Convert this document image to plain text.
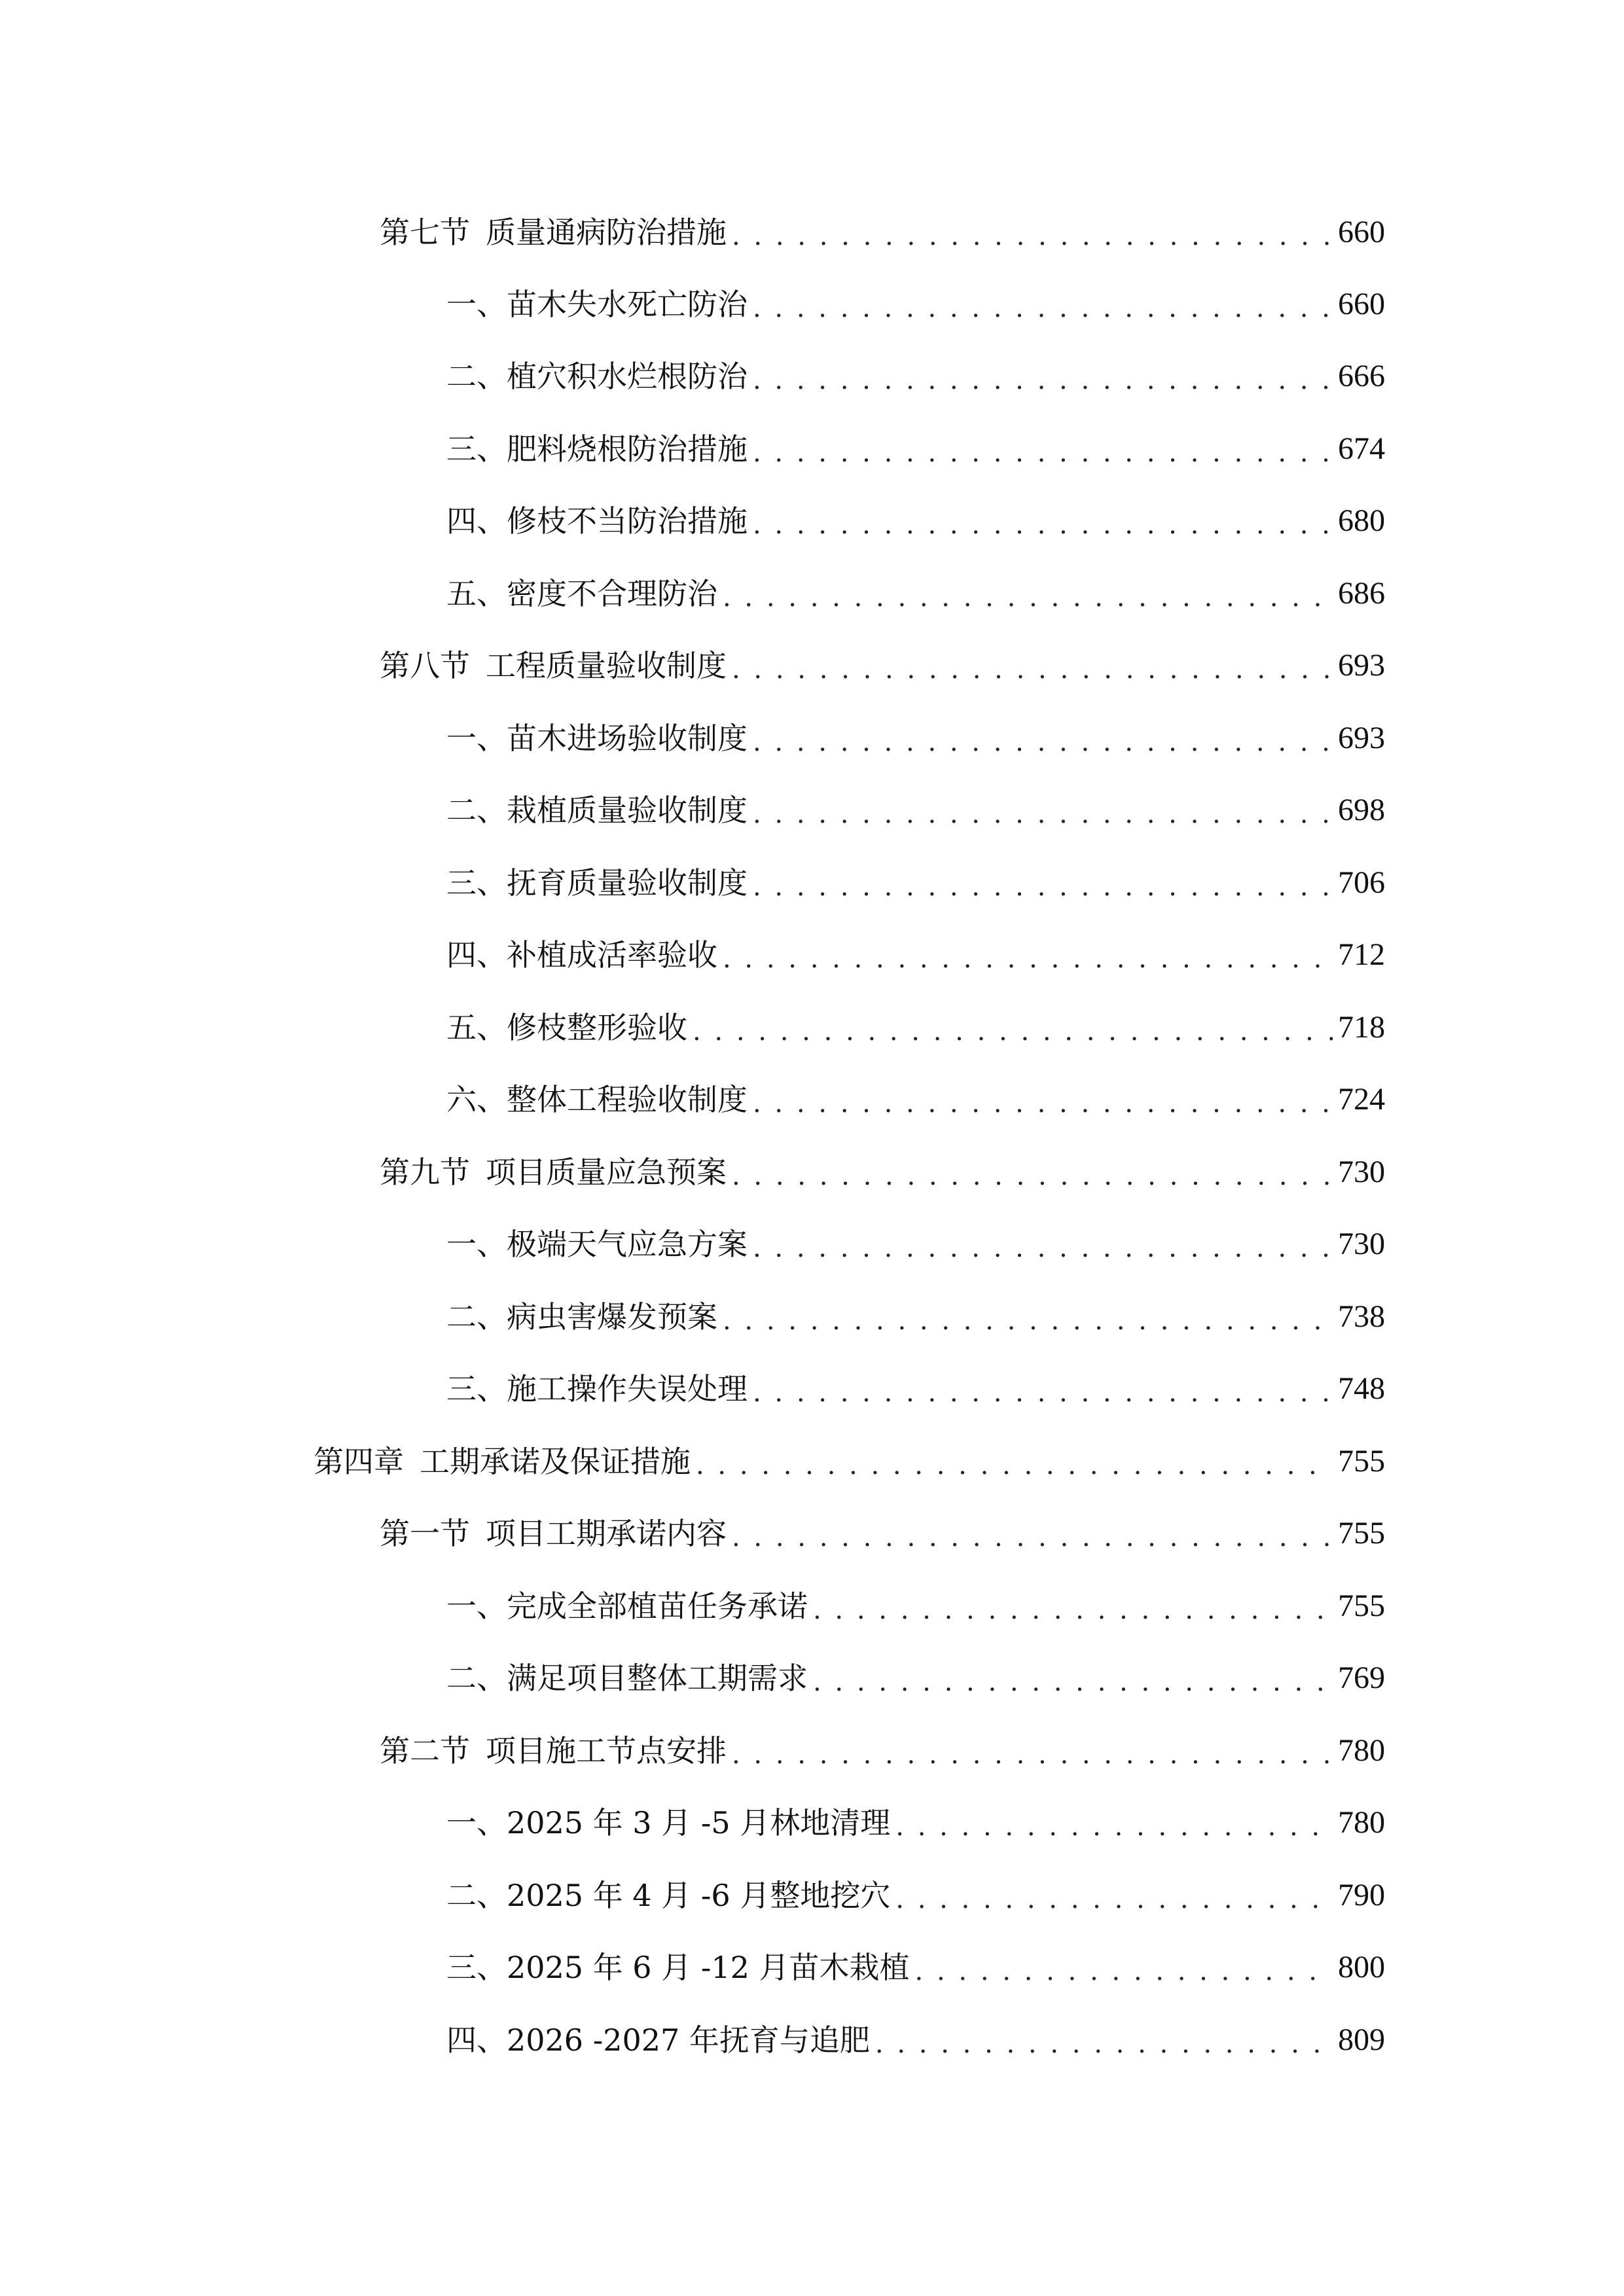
第七节 质量通病防治措施 . . .	660
一、 苗木失水死亡防治 . . .	660
二、 植穴积水烂根防治 . . .	666
三、 肥料烧根防治措施 . . .	674
四、 修枝不当防治措施 . . .	680
五、 密度不合理防治 . . .	686
第八节 工程质量验收制度 . . .	693
一、 苗木进场验收制度 . . .	693
二、 栽植质量验收制度 . . .	698
三、 抚育质量验收制度 . . .	706
四、 补植成活率验收 . . .	712
五、 修枝整形验收 . . .	718
六、 整体工程验收制度 . . .	724
第九节 项目质量应急预案 . . .	730
一、 极端天气应急方案 . . .	730
二、 病虫害爆发预案 . . .	738
三、 施工操作失误处理 . . .	748
第四章 工期承诺及保证措施 . . .	755
第一节 项目工期承诺内容 . . .	755
一、 完成全部植苗任务承诺 . . .	755
二、 满足项目整体工期需求 . . .	769
第二节 项目施工节点安排 . . .	780
一、 2025 年 3 月 -5 月林地清理 . . .	780
二、 2025 年 4 月 -6 月整地挖穴 . . .	790
三、 2025 年 6 月 -12 月苗木栽植 . . .	800
四、 2026 -2027 年抚育与追肥 . . .	809
